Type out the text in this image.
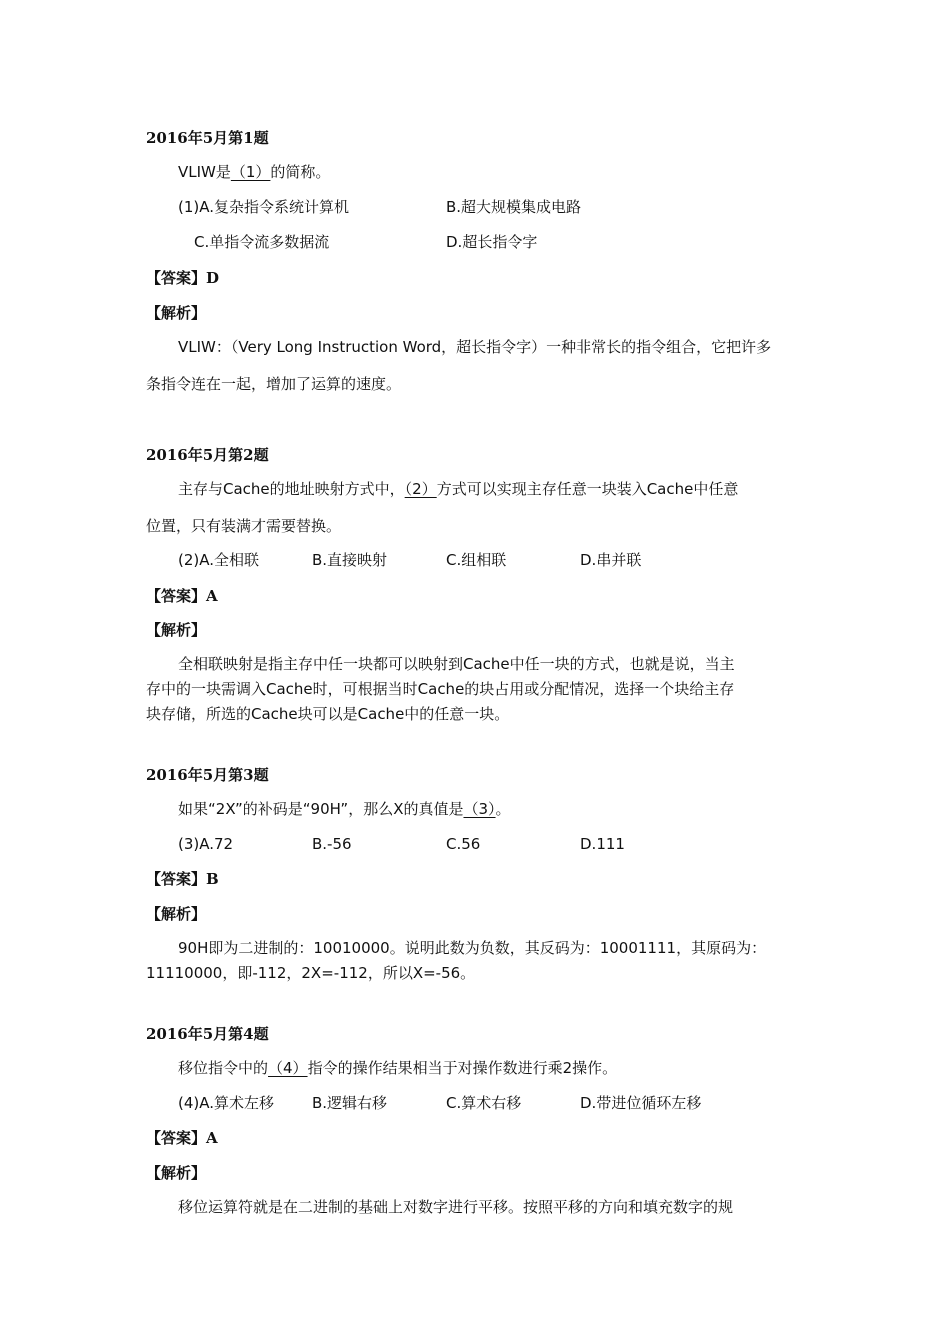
2016年5月第1题
VLIW是（1）的简称。
(1)A.复杂指令系统计算机	B.超大规模集成电路
C.单指令流多数据流	D.超长指令字
【答案】D
【解析】
VLIW：（Very Long Instruction Word，超长指令字）一种非常长的指令组合，它把许多
条指令连在一起，增加了运算的速度。
2016年5月第2题
主存与Cache的地址映射方式中，（2）方式可以实现主存任意一块装入Cache中任意
位置，只有装满才需要替换。
(2)A.全相联	B.直接映射	C.组相联	D.串并联
【答案】A
【解析】
全相联映射是指主存中任一块都可以映射到Cache中任一块的方式，也就是说，当主
存中的一块需调入Cache时，可根据当时Cache的块占用或分配情况，选择一个块给主存
块存储，所选的Cache块可以是Cache中的任意一块。
2016年5月第3题
如果“2X”的补码是“90H”，那么X的真值是（3）。
(3)A.72	B.-56	C.56	D.111
【答案】B
【解析】
90H即为二进制的：10010000。说明此数为负数，其反码为：10001111，其原码为：
11110000，即-112，2X=-112，所以X=-56。
2016年5月第4题
移位指令中的（4）指令的操作结果相当于对操作数进行乘2操作。
(4)A.算术左移	B.逻辑右移	C.算术右移	D.带进位循环左移
【答案】A
【解析】
移位运算符就是在二进制的基础上对数字进行平移。按照平移的方向和填充数字的规
